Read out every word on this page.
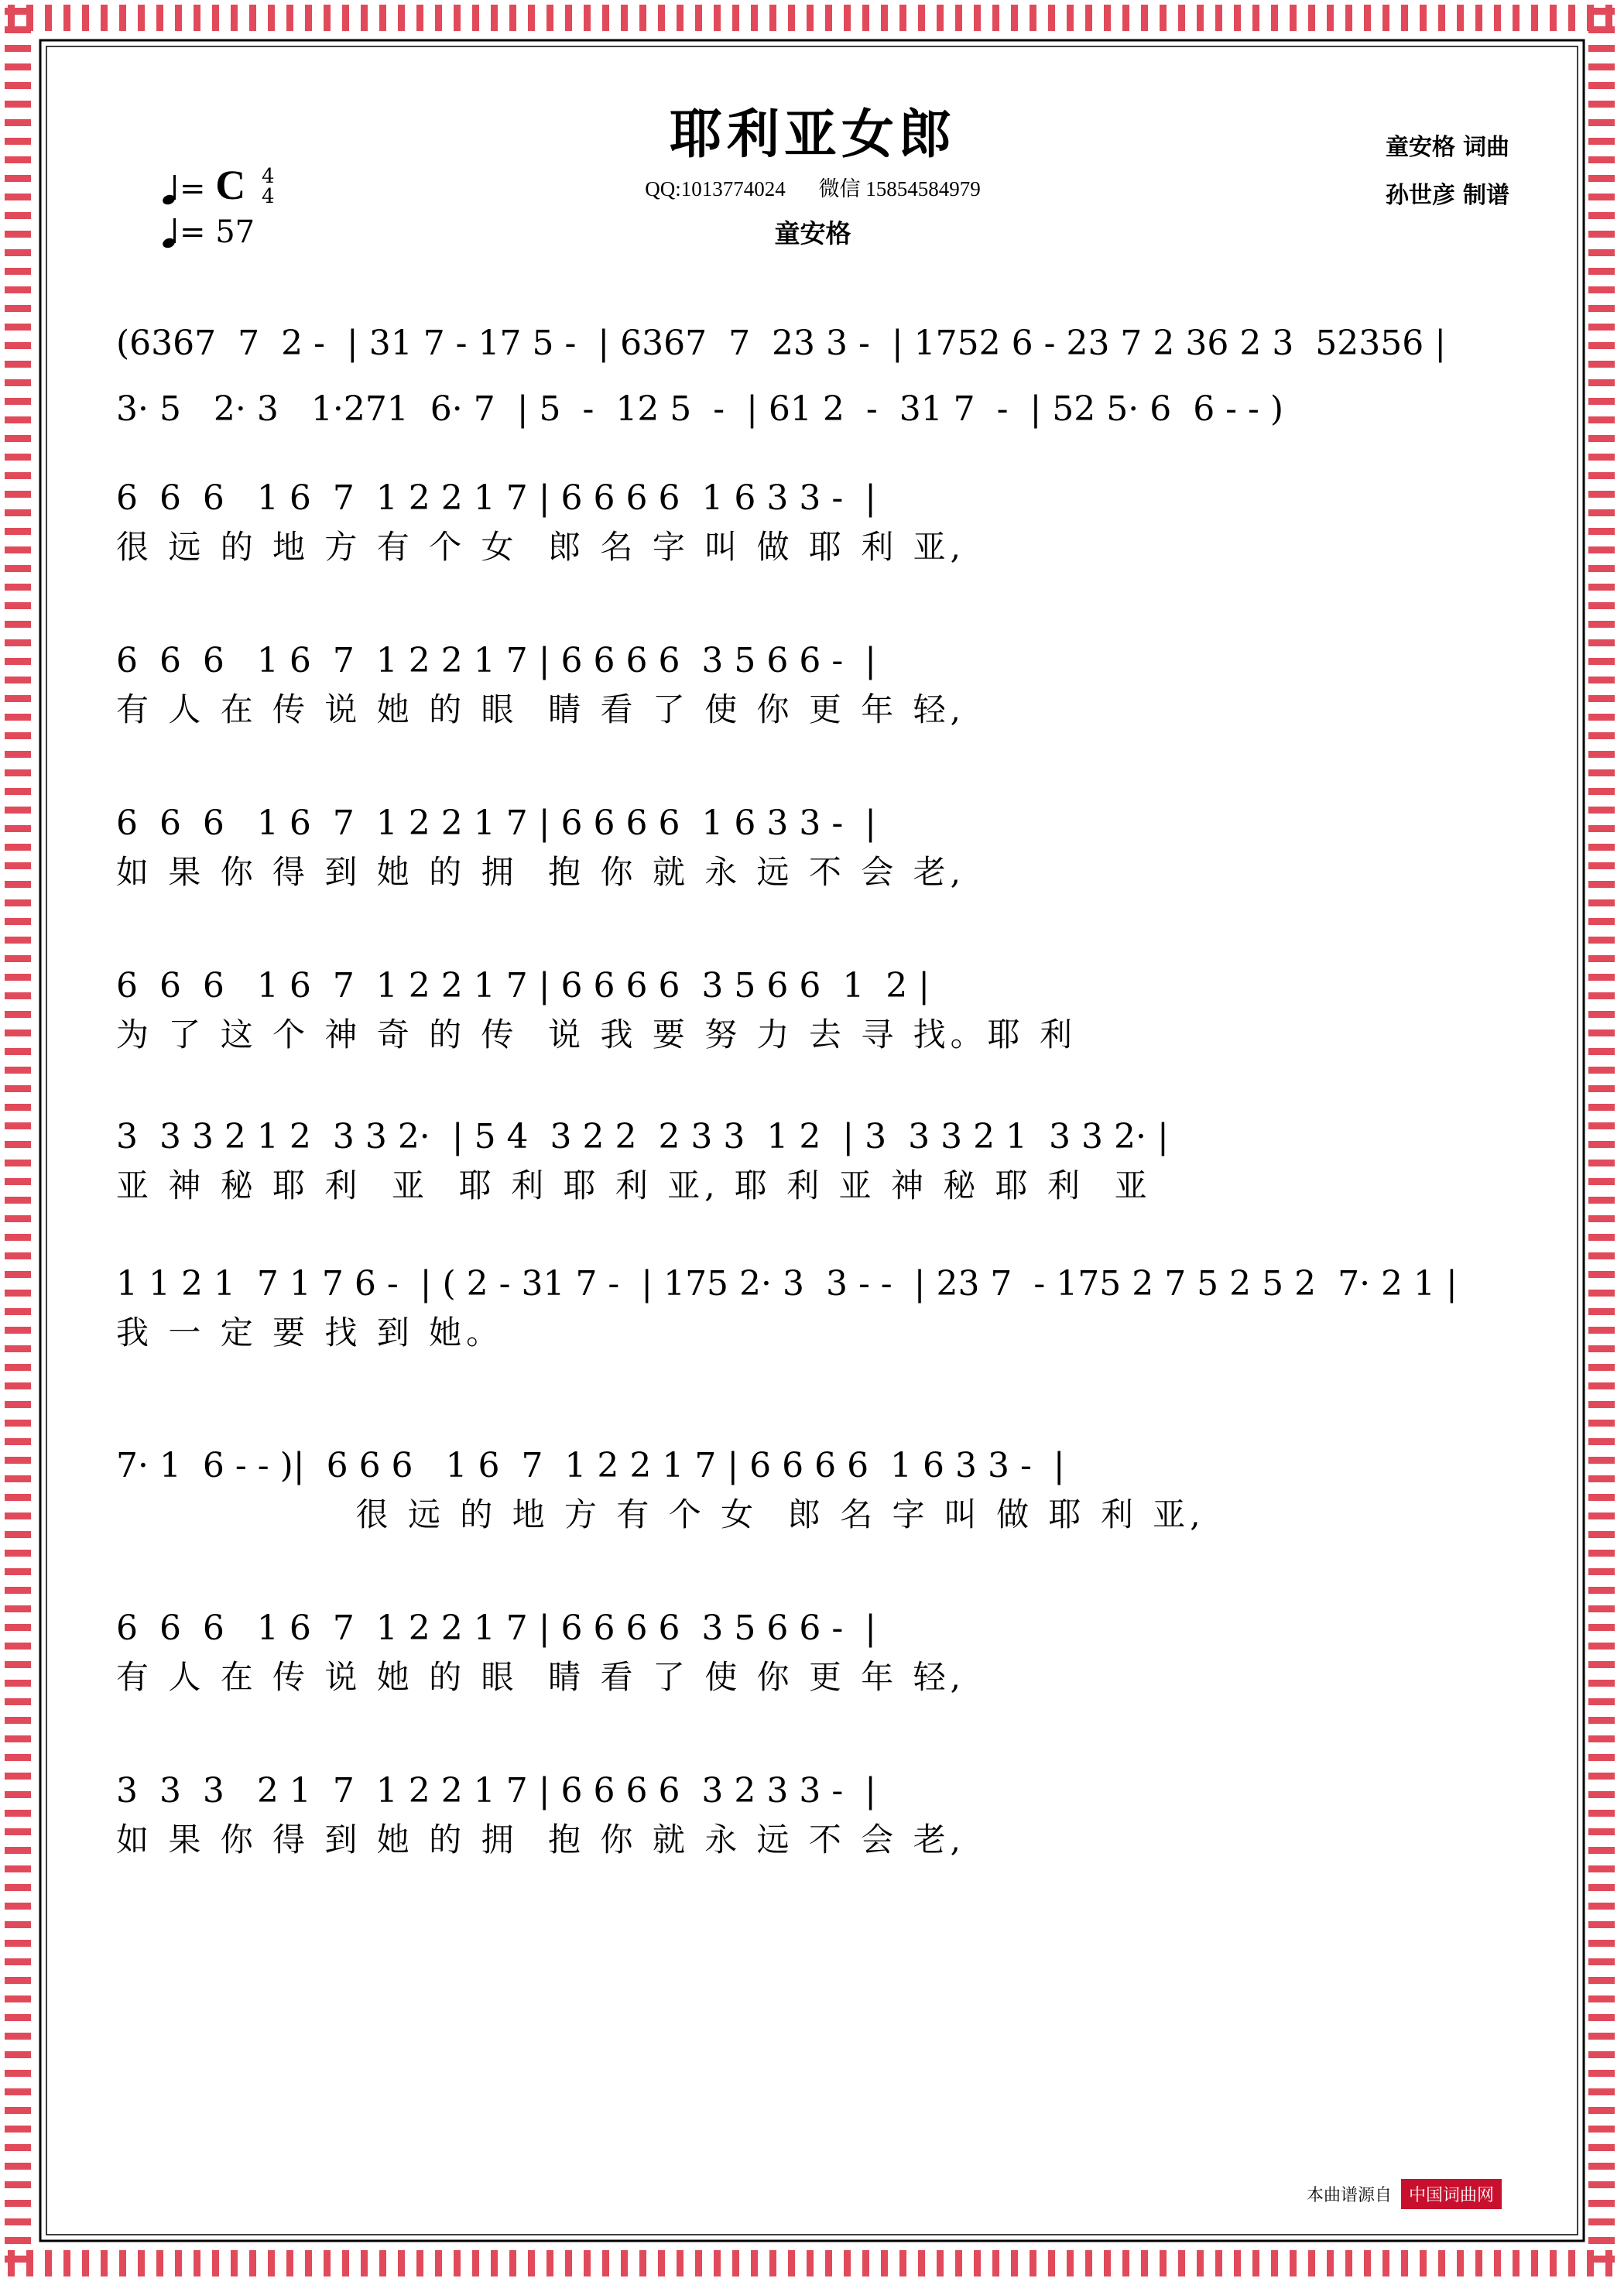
耶利亚女郎
QQ:1013774024 微信 15854584979
童安格
童安格 词曲
孙世彦 制谱
= C 4
4
= 57
(6367  7  2 -  | 31 7 - 17 5 -  | 6367  7  23 3 -  | 1752 6 - 23 7 2 36 2 3  52356 |
3· 5   2· 3   1·271  6· 7  | 5  -  12 5  -  | 61 2  -  31 7  -  | 52 5· 6  6 - - )
6  6  6   1 6  7  1 2 2 1 7 | 6 6 6 6  1 6 3 3 -  |
很 远 的 地 方 有 个 女  郎 名 字 叫 做 耶 利 亚,
6  6  6   1 6  7  1 2 2 1 7 | 6 6 6 6  3 5 6 6 -  |
有 人 在 传 说 她 的 眼  睛 看 了 使 你 更 年 轻,
6  6  6   1 6  7  1 2 2 1 7 | 6 6 6 6  1 6 3 3 -  |
如 果 你 得 到 她 的 拥  抱 你 就 永 远 不 会 老,
6  6  6   1 6  7  1 2 2 1 7 | 6 6 6 6  3 5 6 6  1  2 |
为 了 这 个 神 奇 的 传  说 我 要 努 力 去 寻 找。耶 利
3  3 3 2 1 2  3 3 2·  | 5 4  3 2 2  2 3 3  1 2  | 3  3 3 2 1  3 3 2· |
亚 神 秘 耶 利  亚  耶 利 耶 利 亚, 耶 利 亚 神 秘 耶 利  亚
1 1 2 1  7 1 7 6 -  | ( 2 - 31 7 -  | 175 2· 3  3 - -  | 23 7  - 175 2 7 5 2 5 2  7· 2 1 |
我 一 定 要 找 到 她。
7· 1  6 - - )|  6 6 6   1 6  7  1 2 2 1 7 | 6 6 6 6  1 6 3 3 -  |
很 远 的 地 方 有 个 女  郎 名 字 叫 做 耶 利 亚,
6  6  6   1 6  7  1 2 2 1 7 | 6 6 6 6  3 5 6 6 -  |
有 人 在 传 说 她 的 眼  睛 看 了 使 你 更 年 轻,
3  3  3   2 1  7  1 2 2 1 7 | 6 6 6 6  3 2 3 3 -  |
如 果 你 得 到 她 的 拥  抱 你 就 永 远 不 会 老,
本曲谱源自 中国词曲网
